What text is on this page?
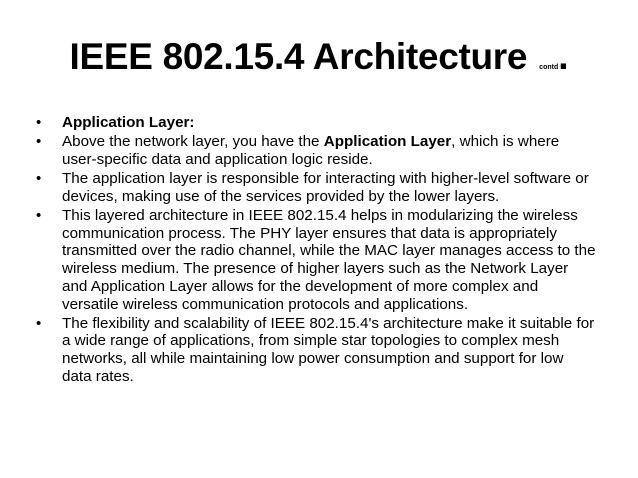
IEEE 802.15.4 Architecture contd.
• Application Layer:
• Above the network layer, you have the Application Layer, which is where user-specific data and application logic reside.
• The application layer is responsible for interacting with higher-level software or devices, making use of the services provided by the lower layers.
• This layered architecture in IEEE 802.15.4 helps in modularizing the wireless communication process. The PHY layer ensures that data is appropriately transmitted over the radio channel, while the MAC layer manages access to the wireless medium. The presence of higher layers such as the Network Layer and Application Layer allows for the development of more complex and versatile wireless communication protocols and applications.
• The flexibility and scalability of IEEE 802.15.4's architecture make it suitable for a wide range of applications, from simple star topologies to complex mesh networks, all while maintaining low power consumption and support for low data rates.
